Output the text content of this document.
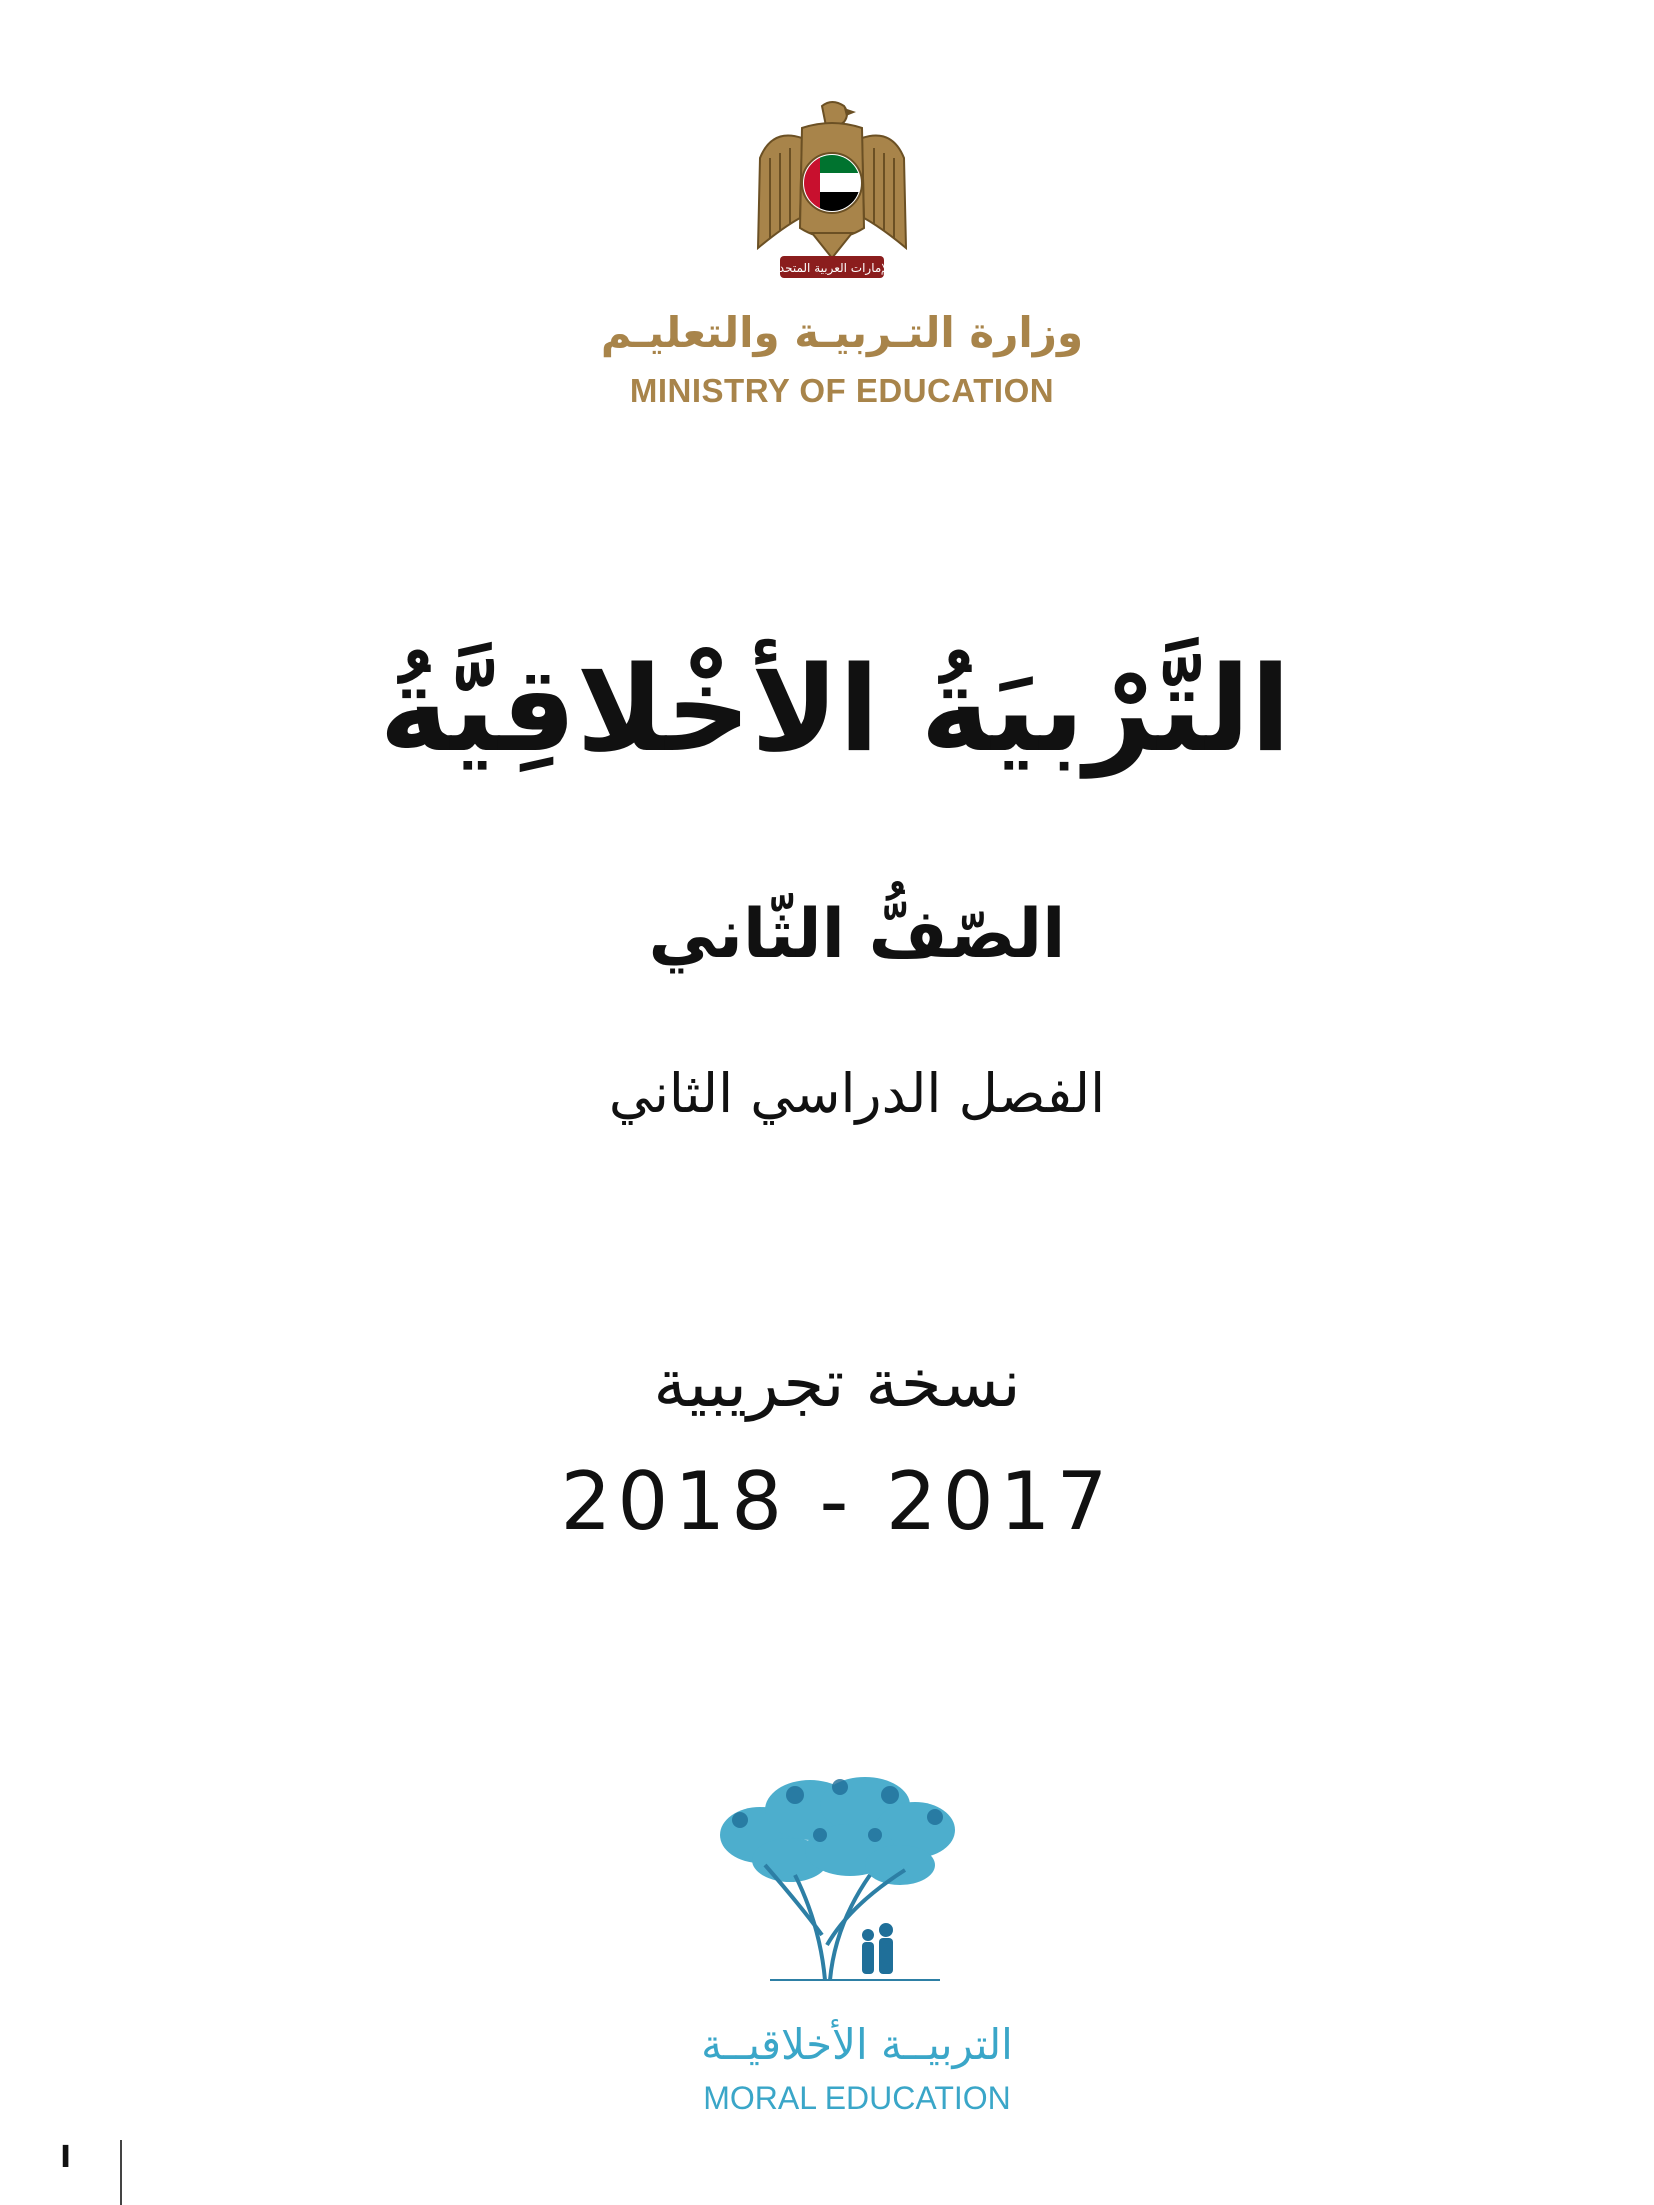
الإمارات العربية المتحدة
وزارة التـربيـة والتعليـم
MINISTRY OF EDUCATION
التَّرْبيَةُ الأخْلاقِيَّةُ
الصّفُّ الثّاني
الفصل الدراسي الثاني
نسخة تجريبية
2018 - 2017
التربيــة الأخلاقيــة
MORAL EDUCATION
I
